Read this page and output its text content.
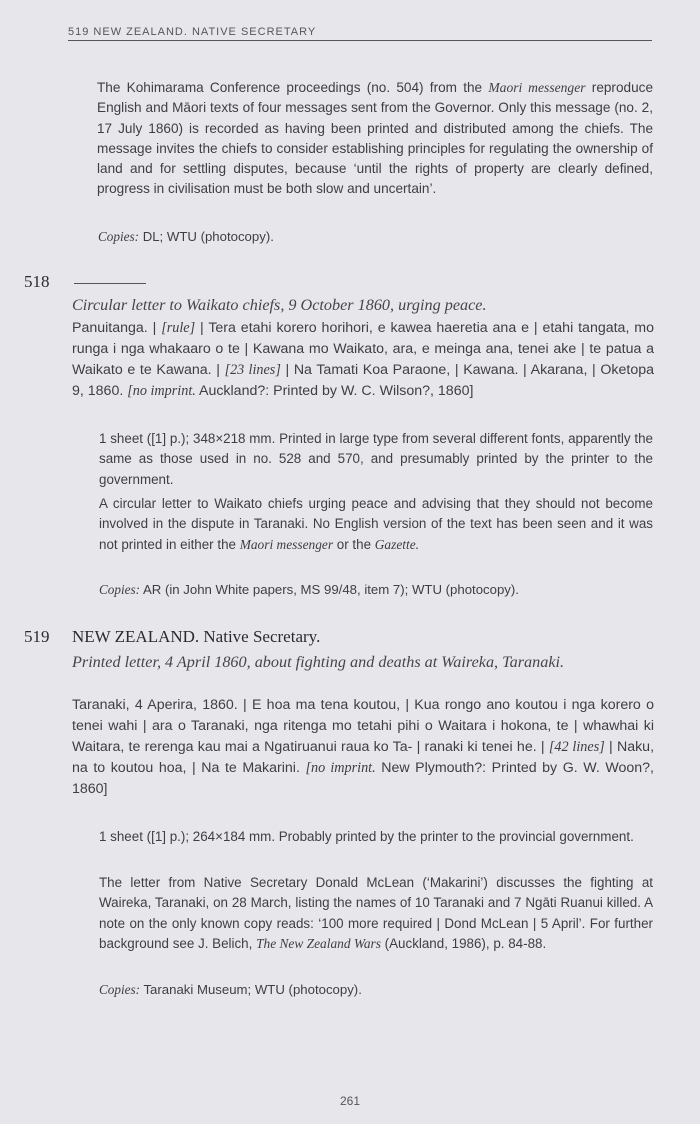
519 NEW ZEALAND. NATIVE SECRETARY

The Kohimarama Conference proceedings (no. 504) from the Maori messenger reproduce English and Māori texts of four messages sent from the Governor. Only this message (no. 2, 17 July 1860) is recorded as having been printed and distributed among the chiefs. The message invites the chiefs to consider establishing principles for regulating the ownership of land and for settling disputes, because ‘until the rights of property are clearly defined, progress in civilisation must be both slow and uncertain’.

Copies: DL; WTU (photocopy).

518
Circular letter to Waikato chiefs, 9 October 1860, urging peace.

Panuitanga. | [rule] | Tera etahi korero horihori, e kawea haeretia ana e | etahi tangata, mo runga i nga whakaaro o te | Kawana mo Waikato, ara, e meinga ana, tenei ake | te patua a Waikato e te Kawana. | [23 lines] | Na Tamati Koa Paraone, | Kawana. | Akarana, | Oketopa 9, 1860. [no imprint. Auckland?: Printed by W. C. Wilson?, 1860]

1 sheet ([1] p.); 348×218 mm. Printed in large type from several different fonts, apparently the same as those used in no. 528 and 570, and presumably printed by the printer to the government.

A circular letter to Waikato chiefs urging peace and advising that they should not become involved in the dispute in Taranaki. No English version of the text has been seen and it was not printed in either the Maori messenger or the Gazette.

Copies: AR (in John White papers, MS 99/48, item 7); WTU (photocopy).

519 NEW ZEALAND. Native Secretary.
Printed letter, 4 April 1860, about fighting and deaths at Waireka, Taranaki.

Taranaki, 4 Aperira, 1860. | E hoa ma tena koutou, | Kua rongo ano koutou i nga korero o tenei wahi | ara o Taranaki, nga ritenga mo tetahi pihi o Waitara i hokona, te | whawhai ki Waitara, te rerenga kau mai a Ngatiruanui raua ko Ta- | ranaki ki tenei he. | [42 lines] | Naku, na to koutou hoa, | Na te Makarini. [no imprint. New Plymouth?: Printed by G. W. Woon?, 1860]

1 sheet ([1] p.); 264×184 mm. Probably printed by the printer to the provincial government.

The letter from Native Secretary Donald McLean (‘Makarini’) discusses the fighting at Waireka, Taranaki, on 28 March, listing the names of 10 Taranaki and 7 Ngāti Ruanui killed. A note on the only known copy reads: ‘100 more required | Dond McLean | 5 April’. For further background see J. Belich, The New Zealand Wars (Auckland, 1986), p. 84-88.

Copies: Taranaki Museum; WTU (photocopy).

261
